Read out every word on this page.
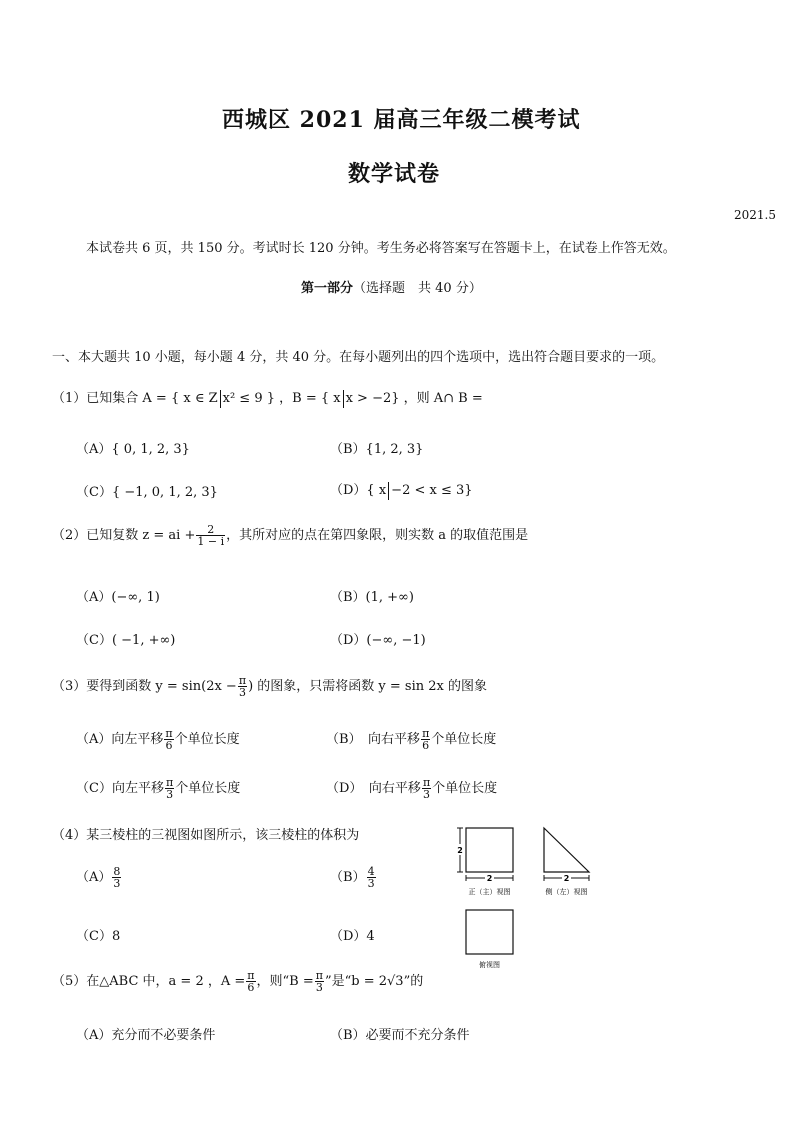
西城区 2021 届高三年级二模考试
数学试卷
2021.5
本试卷共 6 页，共 150 分。考试时长 120 分钟。考生务必将答案写在答题卡上，在试卷上作答无效。
第一部分（选择题　共 40 分）
一、本大题共 10 小题，每小题 4 分，共 40 分。在每小题列出的四个选项中，选出符合题目要求的一项。
（1）已知集合 A = { x ∈ Z x² ≤ 9 } ，B = { x x > −2} ，则 A∩ B =
（A）{ 0, 1, 2, 3}	（B）{1, 2, 3}
（C）{ −1, 0, 1, 2, 3}	（D）{ x −2 < x ≤ 3}
（2）已知复数 z = ai + $\frac{2}{1 - i}$ ，其所对应的点在第四象限，则实数 a 的取值范围是
（A）(−∞, 1)	（B）(1, +∞)
（C）( −1, +∞)	（D）(−∞, −1)
（3）要得到函数 $y = \sin(2x - \frac{\pi}{3}$ ) 的图象，只需将函数 y = sin 2x 的图象
（A）向左平移 $\frac{\pi}{6}$ 个单位长度	（B）　向右平移 $\frac{\pi}{6}$ 个单位长度
（C）向左平移 $\frac{\pi}{3}$ 个单位长度	（D）　向右平移 $\frac{\pi}{3}$ 个单位长度
（4）某三棱柱的三视图如图所示，该三棱柱的体积为
$(A) \frac{8}{3}$	$(B) \frac{4}{3}$
（C）8	（D）4
2
2
正（主）视图
2
侧（左）视图
俯视图
（5）在△ABC 中，a = 2 ，$A = \frac{\pi}{6}$ ，则“$B = \frac{\pi}{3}$ ”是“b = 2√3”的
（A）充分而不必要条件	（B）必要而不充分条件
